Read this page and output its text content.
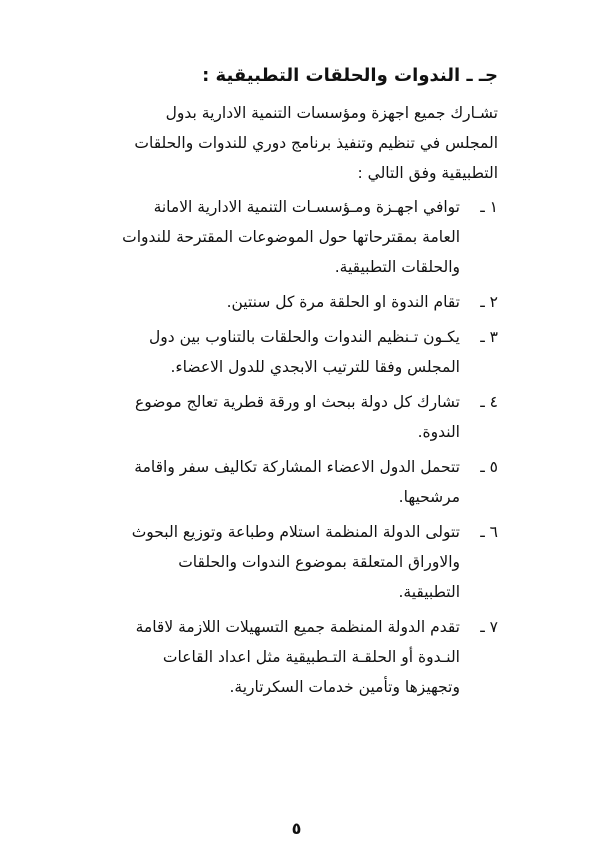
جـ ـ الندوات والحلقات التطبيقية :
تشـارك جميع اجهزة ومؤسسات التنمية الادارية بدول
المجلس في تنظيم وتنفيذ برنامج دوري للندوات والحلقات
التطبيقية وفق التالي :
١ ـ
توافي اجهـزة ومـؤسسـات التنمية الادارية الامانة
العامة بمقترحاتها حول الموضوعات المقترحة للندوات
والحلقات التطبيقية.
٢ ـ
تقام الندوة او الحلقة مرة كل سنتين.
٣ ـ
يكـون تـنظيم الندوات والحلقات بالتناوب بين دول
المجلس وفقا للترتيب الابجدي للدول الاعضاء.
٤ ـ
تشارك كل دولة ببحث او ورقة قطرية تعالج موضوع
الندوة.
٥ ـ
تتحمل الدول الاعضاء المشاركة تكاليف سفر واقامة
مرشحيها.
٦ ـ
تتولى الدولة المنظمة استلام وطباعة وتوزيع البحوث
والاوراق المتعلقة بموضوع الندوات والحلقات
التطبيقية.
٧ ـ
تقدم الدولة المنظمة جميع التسهيلات اللازمة لاقامة
النـدوة أو الحلقـة التـطبيقية مثل اعداد القاعات
وتجهيزها وتأمين خدمات السكرتارية.
٥
